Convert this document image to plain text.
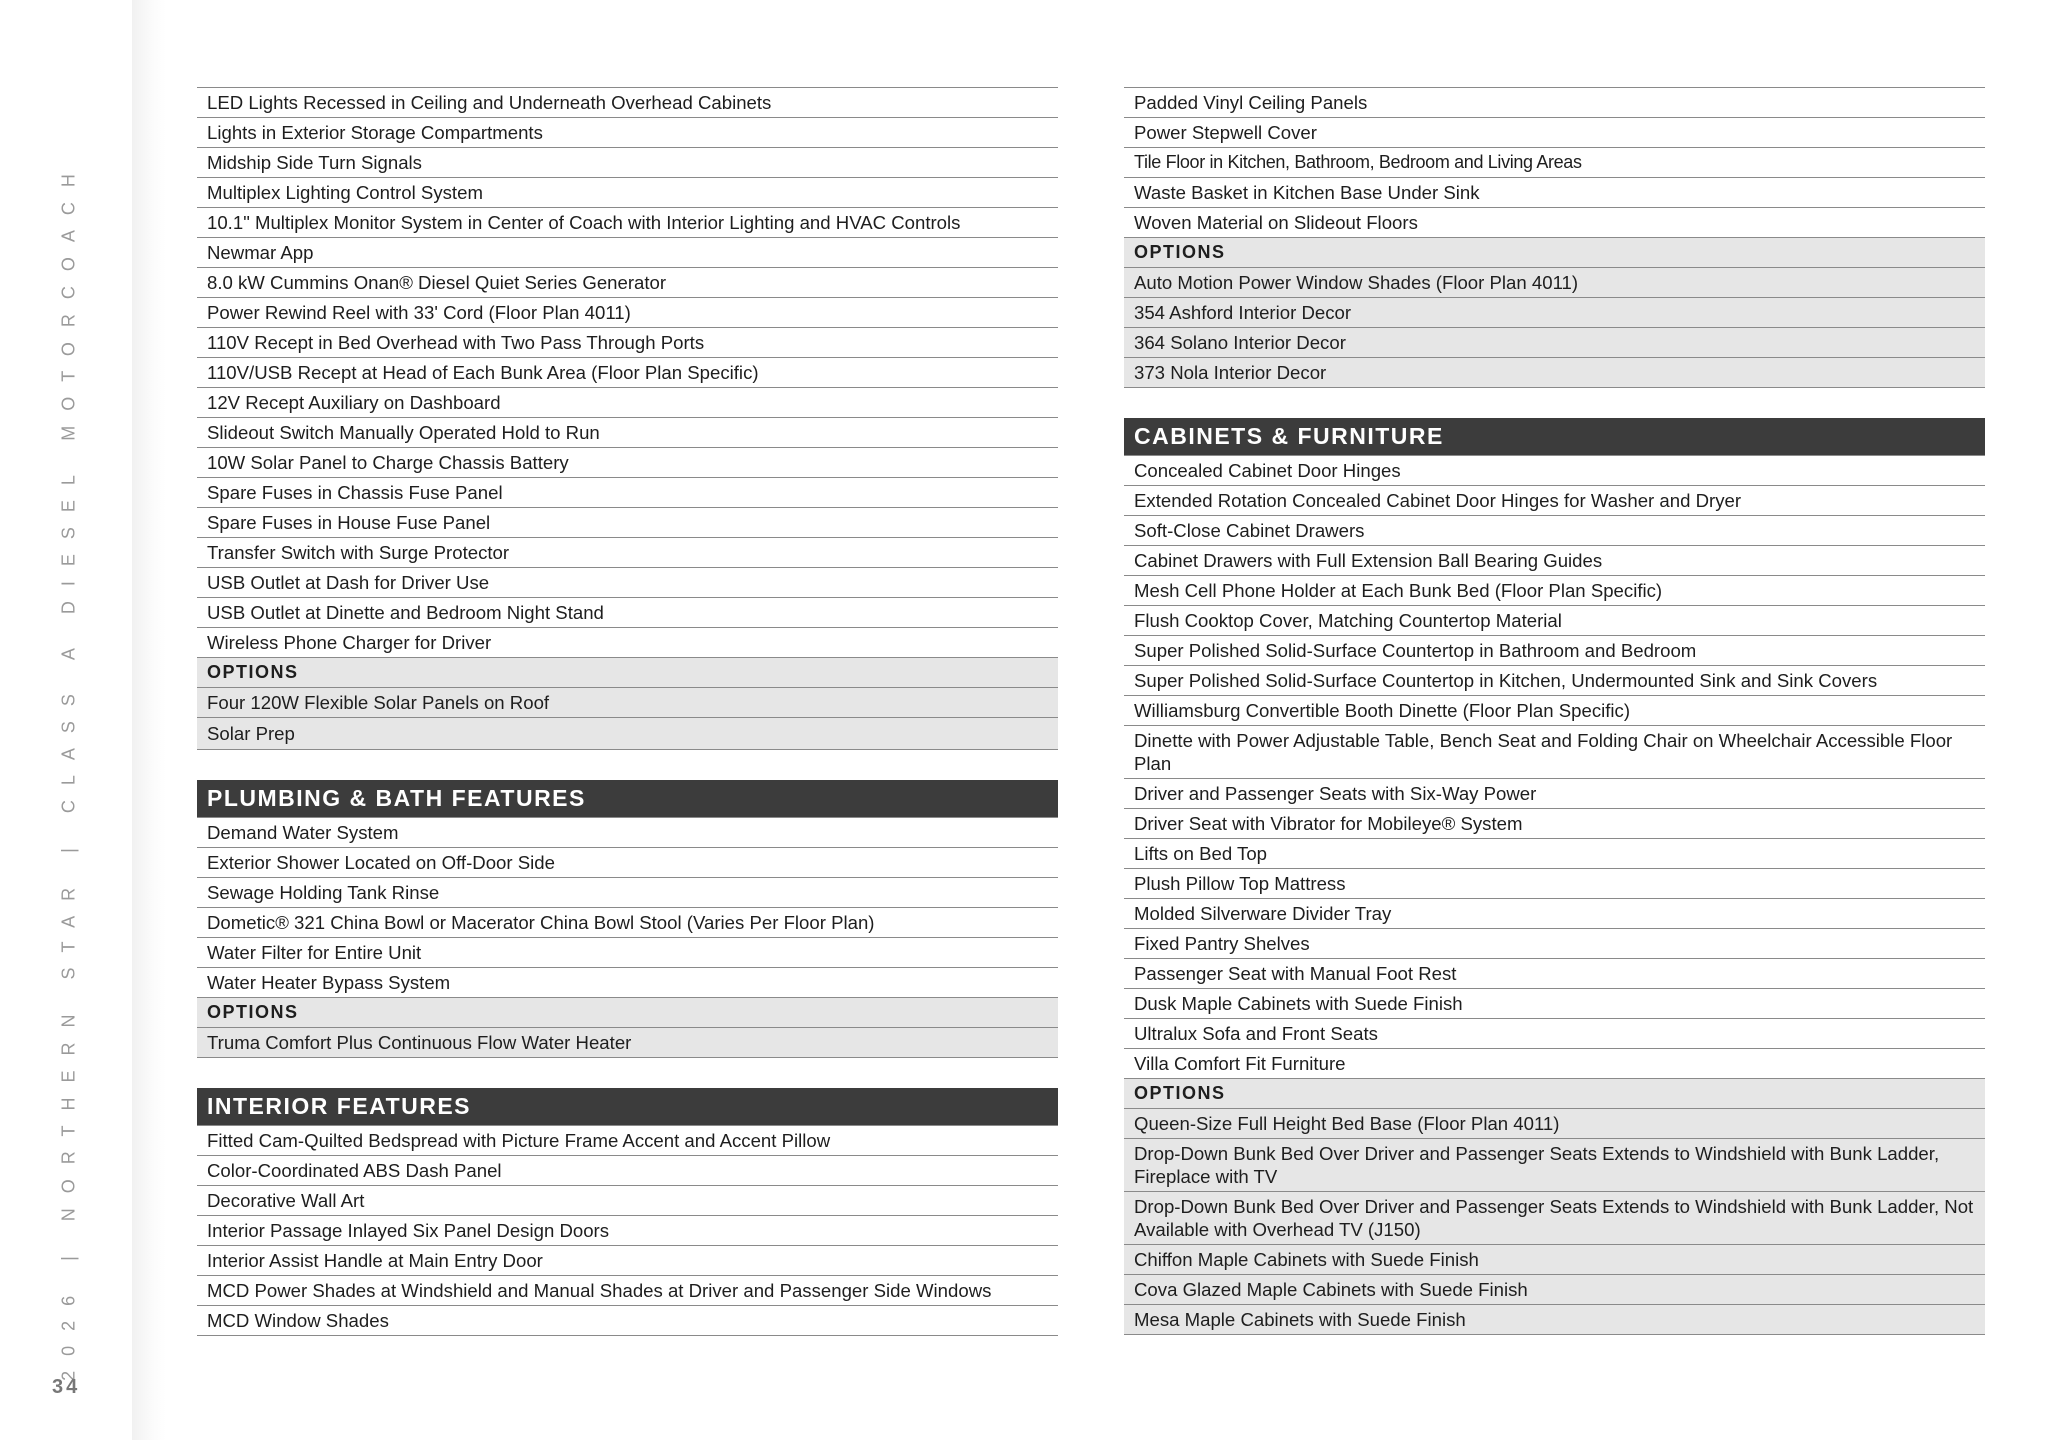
2026 | NORTHERN STAR | CLASS A DIESEL MOTORCOACH
34
LED Lights Recessed in Ceiling and Underneath Overhead Cabinets
Lights in Exterior Storage Compartments
Midship Side Turn Signals
Multiplex Lighting Control System
10.1" Multiplex Monitor System in Center of Coach with Interior Lighting and HVAC Controls
Newmar App
8.0 kW Cummins Onan® Diesel Quiet Series Generator
Power Rewind Reel with 33' Cord (Floor Plan 4011)
110V Recept in Bed Overhead with Two Pass Through Ports
110V/USB Recept at Head of Each Bunk Area (Floor Plan Specific)
12V Recept Auxiliary on Dashboard
Slideout Switch Manually Operated Hold to Run
10W Solar Panel to Charge Chassis Battery
Spare Fuses in Chassis Fuse Panel
Spare Fuses in House Fuse Panel
Transfer Switch with Surge Protector
USB Outlet at Dash for Driver Use
USB Outlet at Dinette and Bedroom Night Stand
Wireless Phone Charger for Driver
OPTIONS
Four 120W Flexible Solar Panels on Roof
Solar Prep
PLUMBING & BATH FEATURES
Demand Water System
Exterior Shower Located on Off-Door Side
Sewage Holding Tank Rinse
Dometic® 321 China Bowl or Macerator China Bowl Stool (Varies Per Floor Plan)
Water Filter for Entire Unit
Water Heater Bypass System
OPTIONS
Truma Comfort Plus Continuous Flow Water Heater
INTERIOR FEATURES
Fitted Cam-Quilted Bedspread with Picture Frame Accent and Accent Pillow
Color-Coordinated ABS Dash Panel
Decorative Wall Art
Interior Passage Inlayed Six Panel Design Doors
Interior Assist Handle at Main Entry Door
MCD Power Shades at Windshield and Manual Shades at Driver and Passenger Side Windows
MCD Window Shades
Padded Vinyl Ceiling Panels
Power Stepwell Cover
Tile Floor in Kitchen, Bathroom, Bedroom and Living Areas
Waste Basket in Kitchen Base Under Sink
Woven Material on Slideout Floors
OPTIONS
Auto Motion Power Window Shades (Floor Plan 4011)
354 Ashford Interior Decor
364 Solano Interior Decor
373 Nola Interior Decor
CABINETS & FURNITURE
Concealed Cabinet Door Hinges
Extended Rotation Concealed Cabinet Door Hinges for Washer and Dryer
Soft-Close Cabinet Drawers
Cabinet Drawers with Full Extension Ball Bearing Guides
Mesh Cell Phone Holder at Each Bunk Bed (Floor Plan Specific)
Flush Cooktop Cover, Matching Countertop Material
Super Polished Solid-Surface Countertop in Bathroom and Bedroom
Super Polished Solid-Surface Countertop in Kitchen, Undermounted Sink and Sink Covers
Williamsburg Convertible Booth Dinette (Floor Plan Specific)
Dinette with Power Adjustable Table, Bench Seat and Folding Chair on Wheelchair Accessible Floor Plan
Driver and Passenger Seats with Six-Way Power
Driver Seat with Vibrator for Mobileye® System
Lifts on Bed Top
Plush Pillow Top Mattress
Molded Silverware Divider Tray
Fixed Pantry Shelves
Passenger Seat with Manual Foot Rest
Dusk Maple Cabinets with Suede Finish
Ultralux Sofa and Front Seats
Villa Comfort Fit Furniture
OPTIONS
Queen-Size Full Height Bed Base (Floor Plan 4011)
Drop-Down Bunk Bed Over Driver and Passenger Seats Extends to Windshield with Bunk Ladder, Fireplace with TV
Drop-Down Bunk Bed Over Driver and Passenger Seats Extends to Windshield with Bunk Ladder, Not Available with Overhead TV (J150)
Chiffon Maple Cabinets with Suede Finish
Cova Glazed Maple Cabinets with Suede Finish
Mesa Maple Cabinets with Suede Finish
